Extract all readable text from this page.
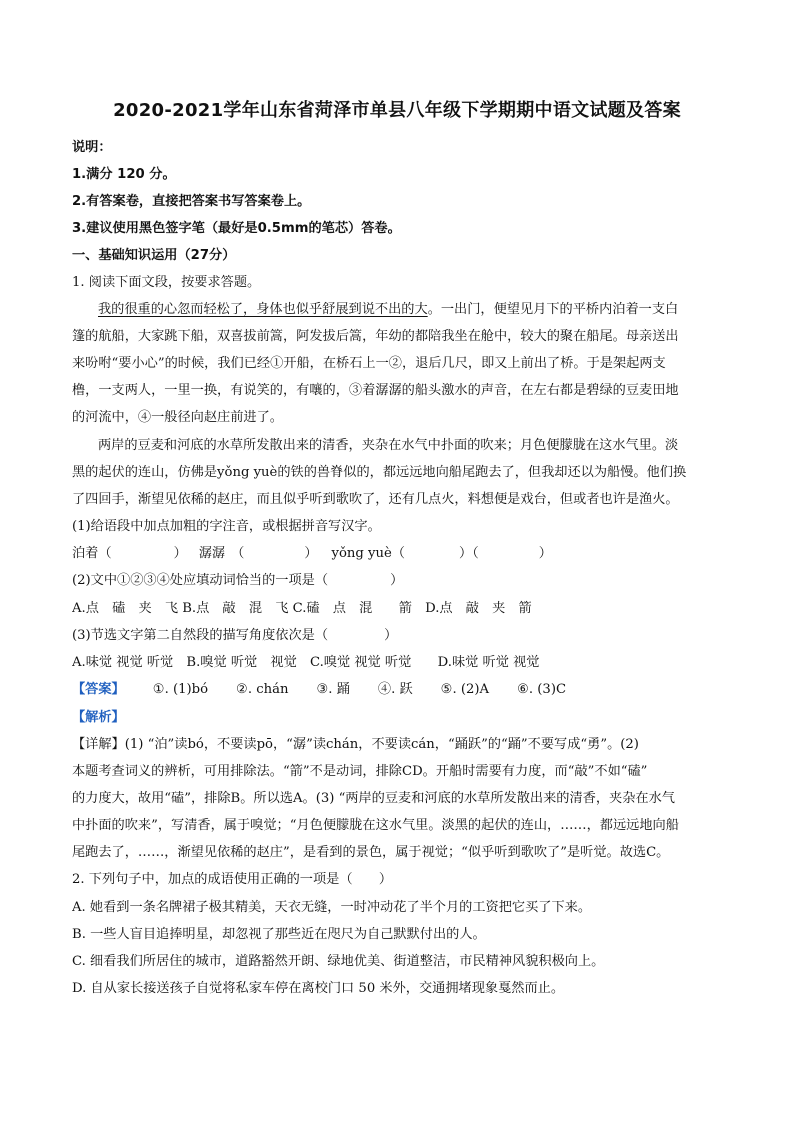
2020-2021学年山东省菏泽市单县八年级下学期期中语文试题及答案
说明：
1.满分 120 分。
2.有答案卷，直接把答案书写答案卷上。
3.建议使用黑色签字笔（最好是0.5mm的笔芯）答卷。
一、基础知识运用（27分）
1. 阅读下面文段，按要求答题。
我的很重的心忽而轻松了，身体也似乎舒展到说不出的大。一出门，便望见月下的平桥内泊着一支白
篷的航船，大家跳下船，双喜拔前篙，阿发拔后篙，年幼的都陪我坐在舱中，较大的聚在船尾。母亲送出
来吩咐“要小心”的时候，我们已经①开船，在桥石上一②，退后几尺，即又上前出了桥。于是架起两支
橹，一支两人，一里一换，有说笑的，有嚷的，③着潺潺的船头激水的声音，在左右都是碧绿的豆麦田地
的河流中，④一般径向赵庄前进了。
两岸的豆麦和河底的水草所发散出来的清香，夹杂在水气中扑面的吹来；月色便朦胧在这水气里。淡
黑的起伏的连山，仿佛是yǒng yuè的铁的兽脊似的，都远远地向船尾跑去了，但我却还以为船慢。他们换
了四回手，渐望见依稀的赵庄，而且似乎听到歌吹了，还有几点火，料想便是戏台，但或者也许是渔火。
(1)给语段中加点加粗的字注音，或根据拼音写汉字。
泊着（	） 潺潺 （	） yǒng yuè（	）（	）
(2)文中①②③④处应填动词恰当的一项是（	）
A.点　磕　夹　飞 B.点　敲　混　飞 C.磕　点　混　　箭　D.点　敲　夹　箭
(3)节选文字第二自然段的描写角度依次是（	）
A.味觉 视觉 听觉　B.嗅觉 听觉　视觉　C.嗅觉 视觉 听觉　　D.味觉 听觉 视觉
【答案】 ①. (1)bó ②. chán ③. 踊 ④. 跃 ⑤. (2)A ⑥. (3)C
【解析】
【详解】(1) “泊”读bó，不要读pō，“潺”读chán，不要读cán，“踊跃”的“踊”不要写成“勇”。(2)
本题考查词义的辨析，可用排除法。“箭”不是动词，排除CD。开船时需要有力度，而“敲”不如“磕”
的力度大，故用“磕”，排除B。所以选A。(3) “两岸的豆麦和河底的水草所发散出来的清香，夹杂在水气
中扑面的吹来”，写清香，属于嗅觉；“月色便朦胧在这水气里。淡黑的起伏的连山，……，都远远地向船
尾跑去了，……，渐望见依稀的赵庄”，是看到的景色，属于视觉；“似乎听到歌吹了”是听觉。故选C。
2. 下列句子中，加点的成语使用正确的一项是（　　）
A. 她看到一条名牌裙子极其精美，天衣无缝，一时冲动花了半个月的工资把它买了下来。
B. 一些人盲目追捧明星，却忽视了那些近在咫尺为自己默默付出的人。
C. 细看我们所居住的城市，道路豁然开朗、绿地优美、街道整洁，市民精神风貌积极向上。
D. 自从家长接送孩子自觉将私家车停在离校门口 50 米外，交通拥堵现象戛然而止。
